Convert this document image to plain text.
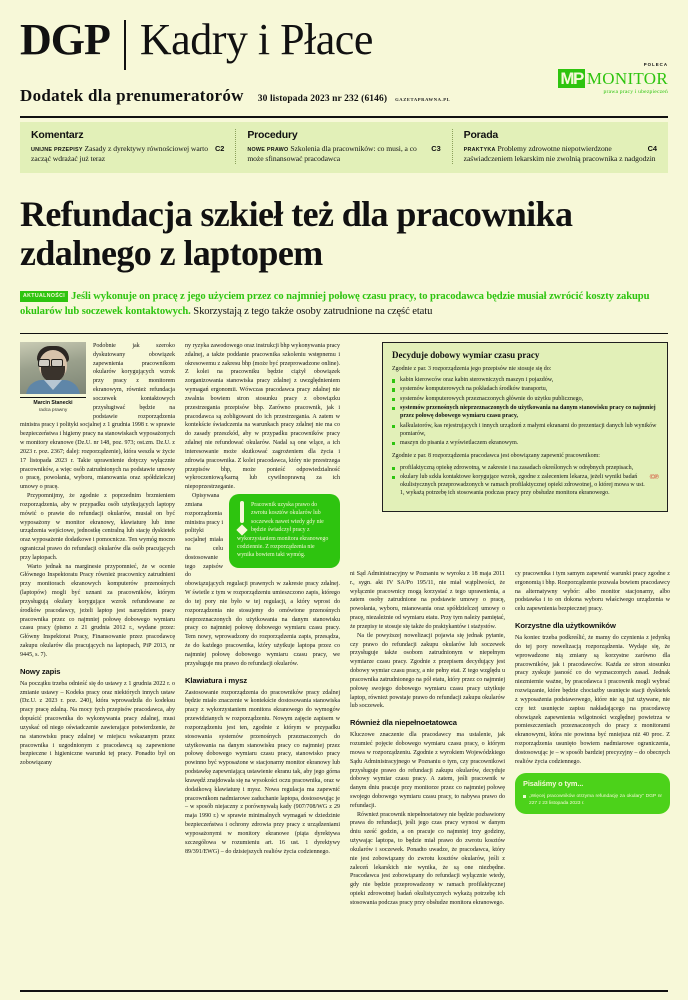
DGP Kadry i Płace
Dodatek dla prenumeratorów 30 listopada 2023 nr 232 (6146) GAZETAPRAWNA.PL
POLECA
MP MONITOR
prawa pracy i ubezpieczeń
Komentarz

C2
UNIJNE PRZEPISY Zasady z dyrektywy równościowej warto zacząć wdrażać już teraz

Procedury

C3
NOWE PRAWO Szkolenia dla pracowników: co musi, a co może sfinansować pracodawca

Porada

C4
PRAKTYKA Problemy zdrowotne niepotwierdzone zaświadczeniem lekarskim nie zwolnią pracownika z nadgodzin

Refundacja szkieł też dla pracownika zdalnego z laptopem
AKTUALNOŚCI Jeśli wykonuje on pracę z jego użyciem przez co najmniej połowę czasu pracy, to pracodawca będzie musiał zwrócić koszty zakupu okularów lub soczewek kontaktowych. Skorzystają z tego także osoby zatrudnione na część etatu
Marcin Stanecki
radca prawny

Podobnie jak szeroko dyskutowany obowiązek zapewnienia pracownikom okularów korygujących wzrok przy pracy z monitorem ekranowym, również refundacja soczewek kontaktowych przysługiwać będzie na podstawie rozporządzenia ministra pracy i polityki socjalnej z 1 grudnia 1998 r. w sprawie bezpieczeństwa i higieny pracy na stanowiskach wyposażonych w monitory ekranowe (Dz.U. nr 148, poz. 973; ost.zm. Dz.U. z 2023 r. poz. 2367; dalej: rozporządzenie), która weszła w życie 17 listopada 2023 r. Takie uprawnienie dotyczy wyłącznie pracowników, a więc osób zatrudnionych na podstawie umowy o pracę, powołania, wyboru, mianowania oraz spółdzielczej umowy o pracę.

Przypomnijmy, że zgodnie z poprzednim brzmieniem rozporządzenia, aby w przypadku osób użytkujących laptopy mówić o prawie do refundacji okularów, musiał on być wyposażony w monitor ekranowy, klawiaturę lub inne urządzenia wejściowe, jednostkę centralną lub stację dyskietek oraz wyposażenie dodatkowe i pomocnicze. Ten wymóg mocno ograniczał prawo do refundacji okularów dla osób pracujących przy laptopach.

Warto jednak na marginesie przypomnieć, że w ocenie Głównego Inspektoratu Pracy również pracownicy zatrudnieni przy monitorach ekranowych komputerów przenośnych (laptopów) mogli być uznani za pracowników, którym przysługują okulary korygujące wzrok refundowane ze środków pracodawcy, jeżeli laptop jest narzędziem pracy pracownika przez co najmniej połowę dobowego wymiaru czasu pracy (pismo z 21 grudnia 2012 r., wydane przez: Główny Inspektorat Pracy, Finansowanie przez pracodawcę zakupu okularów dla pracujących na laptopach, PiP 2013, nr 9445, s. 7).

Nowy zapis

Na początku trzeba odnieść się do ustawy z 1 grudnia 2022 r. o zmianie ustawy – Kodeks pracy oraz niektórych innych ustaw (Dz.U. z 2023 r. poz. 240), która wprowadziła do kodeksu pracy pracę zdalną. Na mocy tych przepisów pracodawca, aby dopuścić pracownika do wykonywania pracy zdalnej, musi uzyskać od niego oświadczenie zawierające potwierdzenie, że na stanowisku pracy zdalnej w miejscu wskazanym przez pracownika i uzgodnionym z pracodawcą są zapewnione bezpieczne i higieniczne warunki tej pracy. Ponadto był on zobowiązany

ny ryzyka zawodowego oraz instrukcji bhp wykonywania pracy zdalnej, a także poddanie pracownika szkoleniu wstępnemu i okresowemu z zakresu bhp (może być przeprowadzone online). Z kolei na pracowniku będzie ciążył obowiązek zorganizowania stanowiska pracy zdalnej z uwzględnieniem wymagań ergonomii. Wówczas pracodawca pracy zdalnej nie zwalnia bowiem stron stosunku pracy z obowiązku przestrzegania przepisów bhp. Zarówno pracownik, jak i pracodawca są zobligowani do ich przestrzegania. A zatem w kontekście świadczenia na warunkach pracy zdalnej nie ma co do zasady przeszkód, aby w przypadku pracowników pracy zdalnej nie refundować okularów. Nadal są one wlące, a ich interesowanie może skutkować zagrożeniem dla życia i zdrowia pracownika. Z kolei pracodawca, który nie przestrzega przepisów bhp, może ponieść odpowiedzialność wykroczeniową/karną lub cywilnoprawną za ich niepoprzestrzeganie.

Pracownik uzyska prawo do zwrotu kosztów okularów lub soczewek nawet wtedy gdy nie będzie świadczył pracy z wykorzystaniem monitora ekranowego codziennie. Z rozporządzenia nie wynika bowiem taki wymóg.

Opisywana zmiana rozporządzenia ministra pracy i polityki socjalnej miała na celu dostosowanie tego zapisów do obowiązujących regulacji prawnych w zakresie pracy zdalnej. W świetle z tym w rozporządzeniu umieszczono zapis, którego do tej pory nie było w tej regulacji, a który wprost do rozporządzenia nie stosujemy do omówione przenośnych nieprzeznaczonych do użytkowania na danym stanowisku pracy co najmniej połowę dobowego wymiaru czasu pracy. Tem nowy, wprowadzony do rozporządzenia zapis, przesądza, że do każdego pracownika, który użytkuje laptopa przez co najmniej połowę dobowego wymiaru czasu pracy, we przysługuje mu prawo do refundacji okularów.

Klawiatura i mysz

Zastosowanie rozporządzenia do pracowników pracy zdalnej będzie miało znaczenie w kontekście dostosowania stanowiska pracy z wykorzystaniem monitora ekranowego do wymogów przewidzianych w rozporządzeniu. Nowym zajęcie zapisem w rozporządzeniu jest ten, zgodnie z którym w przypadku stosowania systemów przenośnych przeznaczonych do użytkowania na danym stanowisku pracy co najmniej przez połowę dobowego wymiaru czasu pracy, stanowisko pracy powinno być wyposażone w stacjonarny monitor ekranowy lub podstawkę zapewniającą ustawienie ekranu tak, aby jego górna krawędź znajdowała się na wysokości oczu pracownika, oraz w dodatkową klawiaturę i mysz. Nowa regulacja ma zapewnić pracownikom nadmiarowe zaduchanie laptopa, dostosowując je – w sposób niejaczny z porównywałą kady (907/708/WG z 29 maja 1990 r.) w sprawie minimalnych wymagań w dziedzinie bezpieczeństwa i ochrony zdrowia przy pracy z urządzeniami wyposażonymi w monitory ekranowe (piąta dyrektywa szczegółowa w rozumieniu art. 16 ust. 1 dyrektywy 89/391/EWG) – do dzisiejszych realiów życia codziennego.

ni Sąd Administracyjny w Poznaniu w wyroku z 18 maja 2011 r., sygn. akt IV SA/Po 195/11, nie miał wątpliwości, że wyłącznie pracownicy mogą korzystać z tego uprawnienia, a zatem osoby zatrudnione na podstawie umowy o pracę, powołania, wyboru, mianowania oraz spółdzielczej umowy o pracę, niezależnie od wymiaru etatu. Przy tym należy pamiętać, że przepisy te stosuje się także do praktykantów i stażystów.

Na tle powyższej nowelizacji pojawia się jednak pytanie, czy prawo do refundacji zakupu okularów lub soczewek przysługuje także osobom zatrudnionym w niepełnym wymiarze czasu pracy. Zgodnie z przepisem decydujący jest dobowy wymiar czasu pracy, a nie pełny etat. Z tego względu u pracownika zatrudnionego na pół etatu, który przez co najmniej połowę swojego dobowego wymiaru czasu pracy użytkuje laptop, również powstaje prawo do refundacji zakupu okularów lub soczewek.

Również dla niepełnoetatowca

Kluczowe znaczenie dla pracodawcy ma ustalenie, jak rozumieć pojęcie dobowego wymiaru czasu pracy, o którym mowa w rozporządzeniu. Zgodnie z wyrokiem Wojewódzkiego Sądu Administracyjnego w Poznaniu o tym, czy pracownikowi przysługuje prawo do refundacji zakupu okularów, decyduje dobowy wymiar czasu pracy. A zatem, jeśli pracownik w danym dniu pracuje przy monitorze przez co najmniej połowę swojego dobowego wymiaru czasu pracy, to nabywa prawo do refundacji.

Również pracownik niepełnoetatowy nie będzie pozbawiony prawa do refundacji, jeśli jego czas pracy wynosi w danym dniu sześć godzin, a on pracuje co najmniej trzy godziny, używając laptopa, to będzie miał prawo do zwrotu kosztów okularów i soczewek. Ponadto uwadze, że pracodawca, który nie jest zobowiązany do zwrotu kosztów okularów, jeśli z zaleceń lekarskich nie wynika, że są one niezbędne. Pracodawca jest zobowiązany do refundacji wyłącznie wtedy, gdy nie będzie przeprowadzony w ramach profilaktycznej opieki zdrowotnej badań okulistycznych wykażą potrzebę ich stosowania podczas pracy przy obsłudze monitora ekranowego.

cy pracownika i tym samym zapewnić warunki pracy zgodne z ergonomią i bhp. Rozporządzenie pozwala bowiem pracodawcy na alternatywny wybór: albo monitor stacjonarny, albo podstawka i to on dokona wyboru właściwego urządzenia w celu zapewnienia bezpiecznej pracy.

Korzystne dla użytkowników

Na koniec trzeba podkreślić, że mamy do czynienia z jedynką do tej pory nowelizacją rozporządzenia. Wydaje się, że wprowadzone nią zmiany są korzystne zarówno dla pracowników, jak i pracodawców. Każda ze stron stosunku pracy zyskuje jasność co do wyznaczonych zasad. Jednak niezmiernie ważne, by pracodawca i pracownik mogli wybrać rozwiązanie, które będzie chociażby usunięcie stacji dyskietek z wyposażenia podstawowego, które nie są już używane, nie czy też usunięcie zapisu nakładającego na pracodawcę obowiązek zapewnienia wilgotności względnej powietrza w pomieszczeniach przeznaczonych do pracy z monitorami ekranowymi, która nie powinna być mniejsza niż 40 proc. Z rozporządzenia usunięto bowiem nadmiarowe ograniczenia, dostosowując je – w sposób bardziej precyzyjny – do obecnych realiów życia codziennego.

Pisaliśmy o tym...
„Więcej pracowników otrzyma refundację za okulary" DGP nr 227 z 23 listopada 2023 r.
Decyduje dobowy wymiar czasu pracy

Zgodnie z par. 3 rozporządzenia jego przepisów nie stosuje się do:

kabin kierowców oraz kabin sterowniczych maszyn i pojazdów,
systemów komputerowych na pokładach środków transportu,
systemów komputerowych przeznaczonych głównie do użytku publicznego,
systemów przenośnych nieprzeznaczonych do użytkowania na danym stanowisku pracy co najmniej przez połowę dobowego wymiaru czasu pracy,
kalkulatorów, kas rejestrujących i innych urządzeń z małymi ekranami do prezentacji danych lub wyników pomiarów,
maszyn do pisania z wyświetlaczem ekranowym.

Zgodnie z par. 8 rozporządzenia pracodawca jest obowiązany zapewnić pracownikom:

profilaktyczną opiekę zdrowotną, w zakresie i na zasadach określonych w odrębnych przepisach,
©℗
okulary lub szkła kontaktowe korygujące wzrok, zgodne z zaleceniem lekarza, jeżeli wyniki badań okulistycznych przeprowadzonych w ramach profilaktycznej opieki zdrowotnej, o której mowa w ust. 1, wykażą potrzebę ich stosowania podczas pracy przy obsłudze monitora ekranowego.
